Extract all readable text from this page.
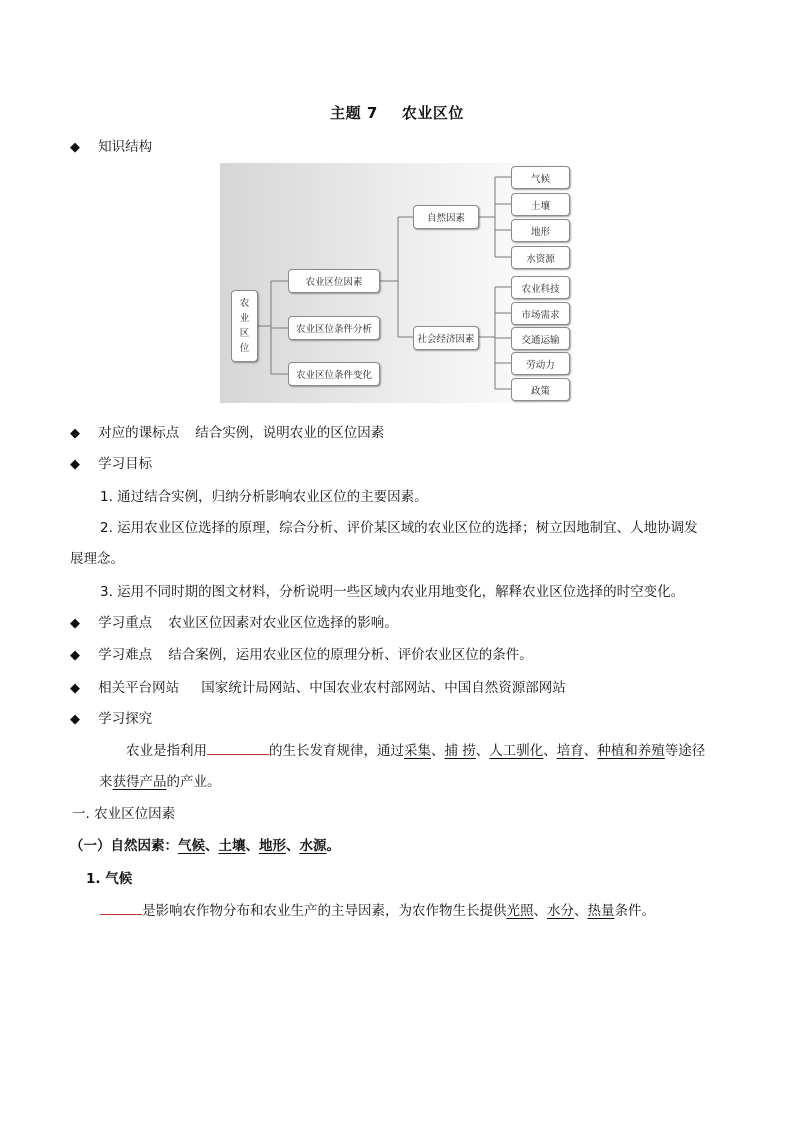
主题 7 农业区位
◆ 知识结构
农
业
区
位
农业区位因素
农业区位条件分析
农业区位条件变化
自然因素
社会经济因素
气候
土壤
地形
水资源
农业科技
市场需求
交通运输
劳动力
政策
◆ 对应的课标点 结合实例，说明农业的区位因素
◆ 学习目标
1. 通过结合实例，归纳分析影响农业区位的主要因素。
2. 运用农业区位选择的原理，综合分析、评价某区域的农业区位的选择；树立因地制宜、人地协调发
展理念。
3. 运用不同时期的图文材料，分析说明一些区域内农业用地变化，解释农业区位选择的时空变化。
◆ 学习重点 农业区位因素对农业区位选择的影响。
◆ 学习难点 结合案例，运用农业区位的原理分析、评价农业区位的条件。
◆ 相关平台网站 国家统计局网站、中国农业农村部网站、中国自然资源部网站
◆ 学习探究
农业是指利用	的生长发育规律，通过采集、捕 捞、人工驯化、培育、种植和养殖等途径
来获得产品的产业。
一. 农业区位因素
（一）自然因素：气候、土壤、地形、水源。
1. 气候
是影响农作物分布和农业生产的主导因素，为农作物生长提供光照、水分、热量条件。
